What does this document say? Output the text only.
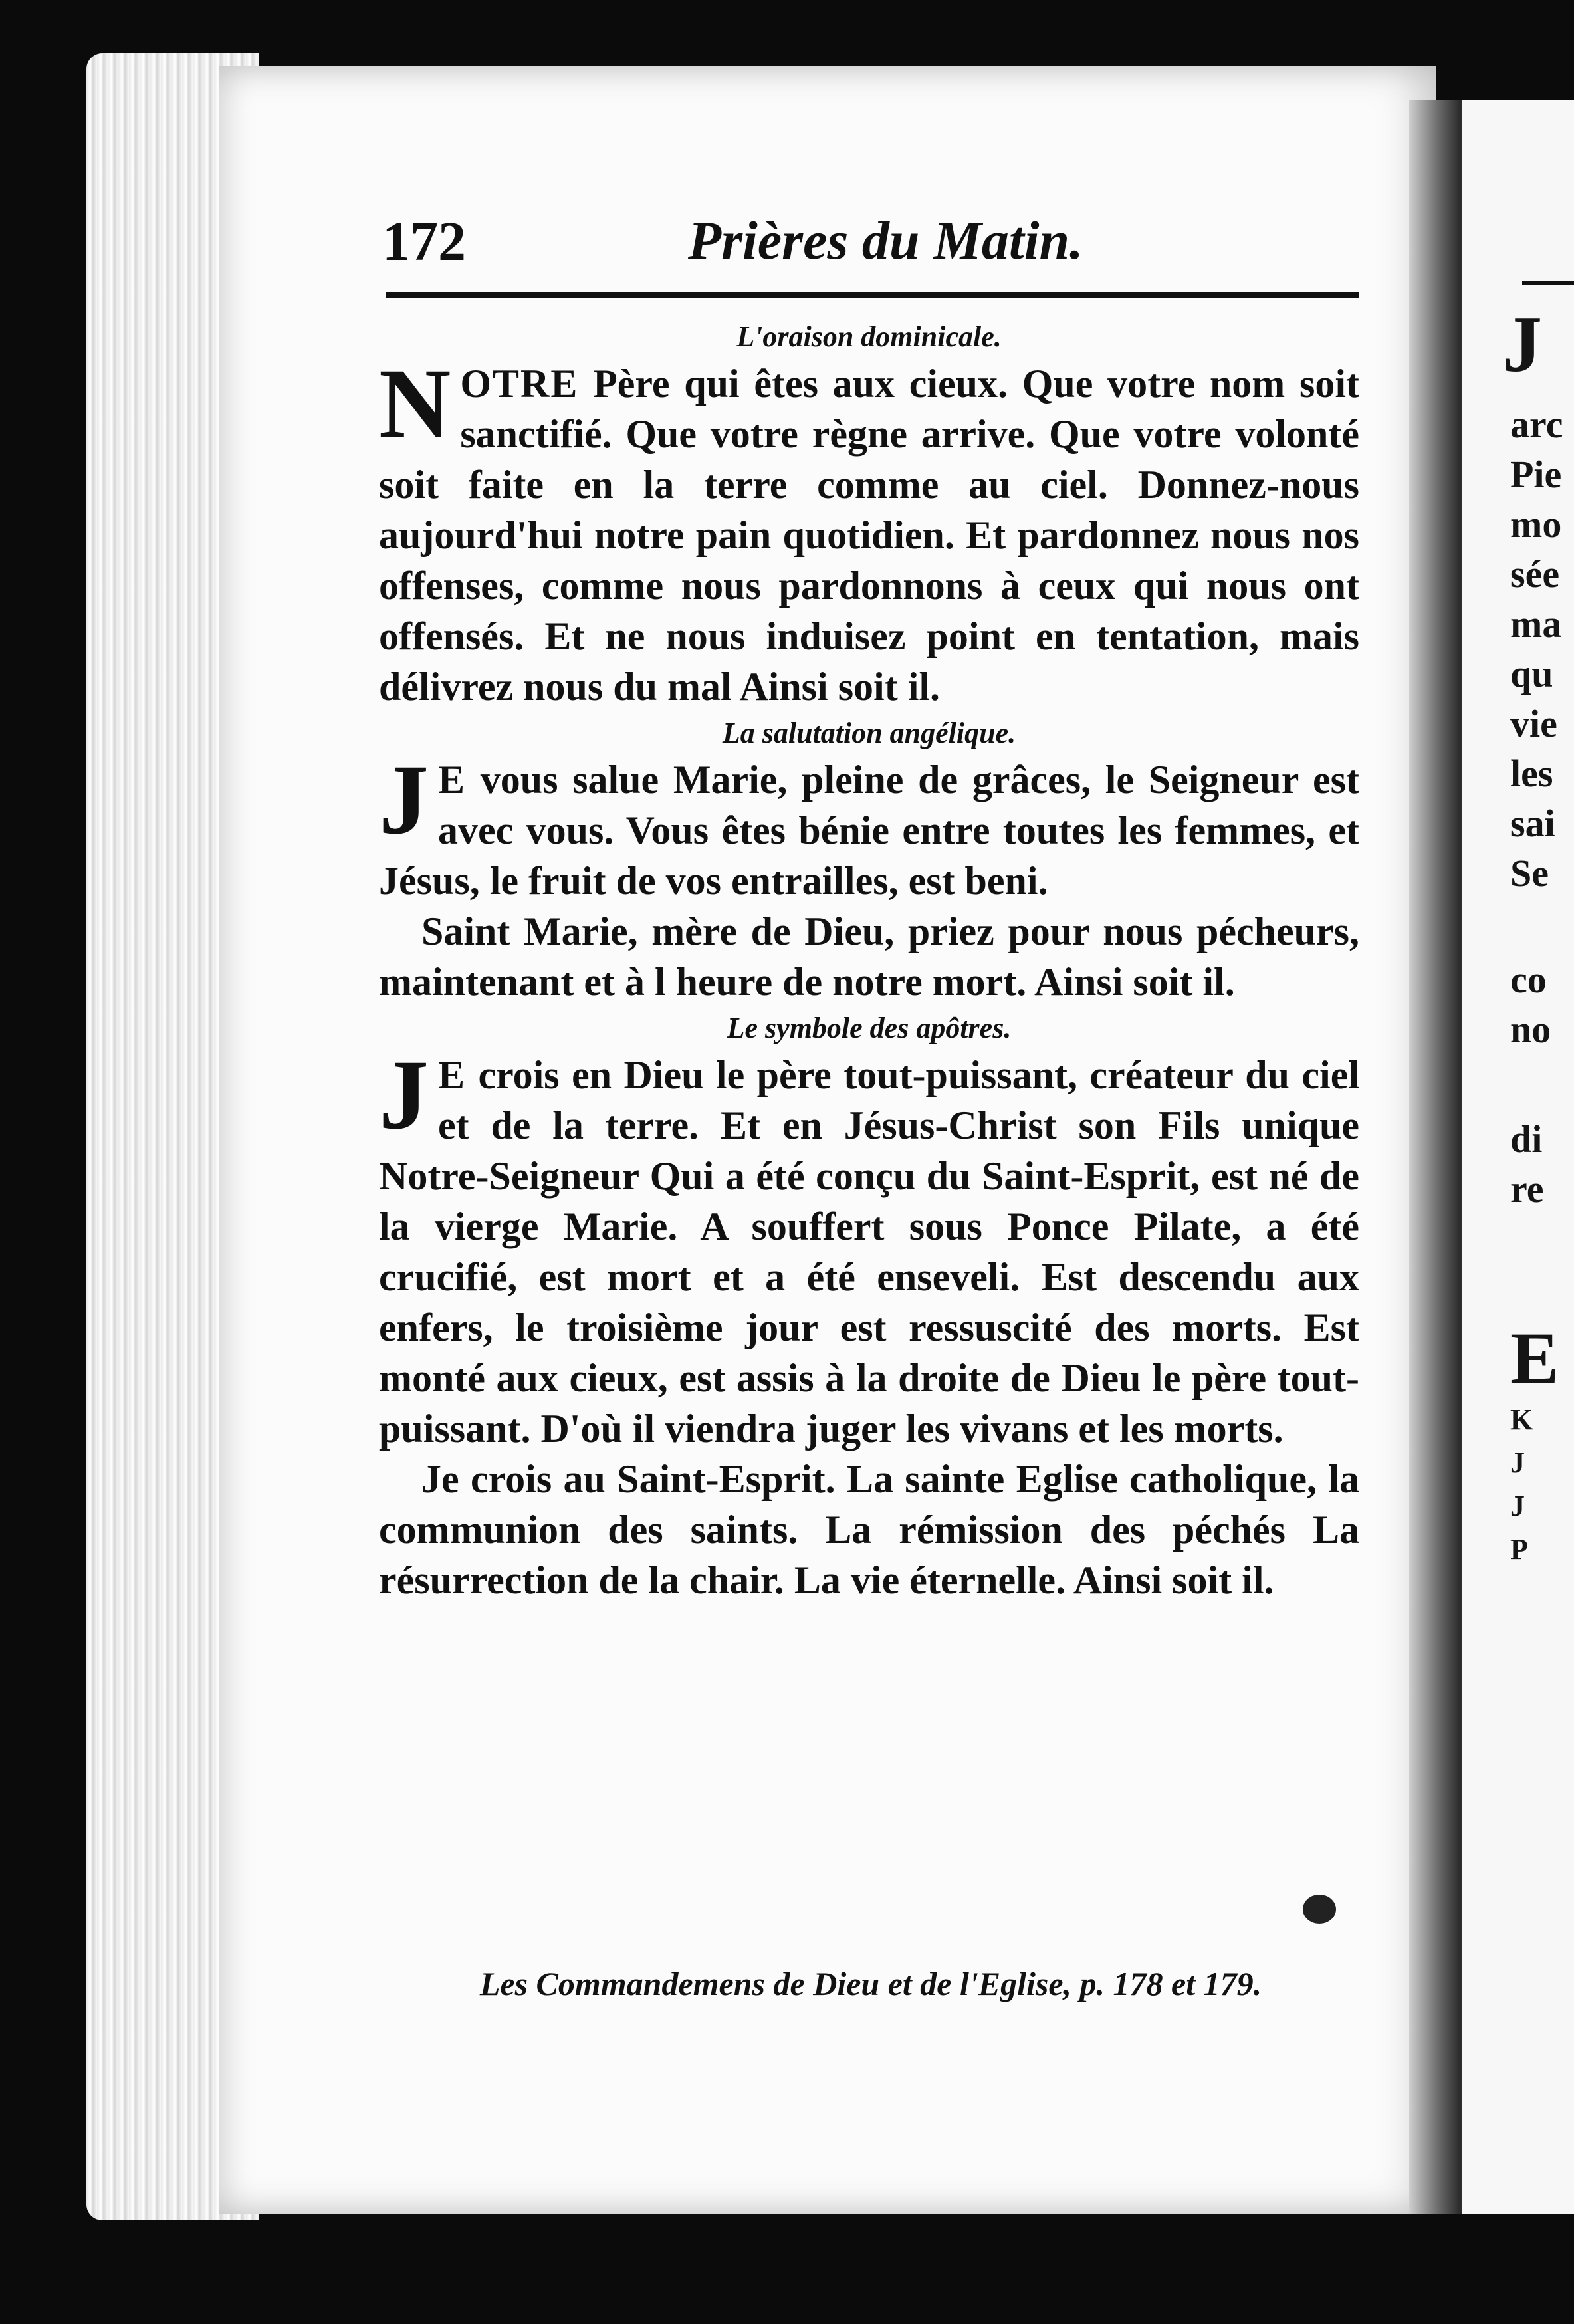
J
arc
Pie
mo
sée
ma
qu
vie
les
sai
Se
co
no
di
re
E
K
J
J
P
172	Prières du Matin.

L'oraison dominicale.

NOTRE Père qui êtes aux cieux. Que votre nom soit sanctifié. Que votre règne arrive. Que votre volonté soit faite en la terre comme au ciel. Donnez-nous aujourd'hui notre pain quotidien. Et pardonnez nous nos offenses, comme nous pardonnons à ceux qui nous ont offensés. Et ne nous induisez point en tentation, mais délivrez nous du mal Ainsi soit il.

La salutation angélique.

J E vous salue Marie, pleine de grâces, le Seigneur est avec vous. Vous êtes bénie entre toutes les femmes, et Jésus, le fruit de vos entrailles, est beni.

Saint Marie, mère de Dieu, priez pour nous pécheurs, maintenant et à l heure de notre mort. Ainsi soit il.

Le symbole des apôtres.

J E crois en Dieu le père tout-puissant, créateur du ciel et de la terre. Et en Jésus-Christ son Fils unique Notre-Seigneur Qui a été conçu du Saint-Esprit, est né de la vierge Marie. A souffert sous Ponce Pilate, a été crucifié, est mort et a été enseveli. Est descendu aux enfers, le troisième jour est ressuscité des morts. Est monté aux cieux, est assis à la droite de Dieu le père tout-puissant. D'où il viendra juger les vivans et les morts.

Je crois au Saint-Esprit. La sainte Eglise catholique, la communion des saints. La rémission des péchés La résurrection de la chair. La vie éternelle. Ainsi soit il.

Les Commandemens de Dieu et de l'Eglise, p. 178 et 179.
